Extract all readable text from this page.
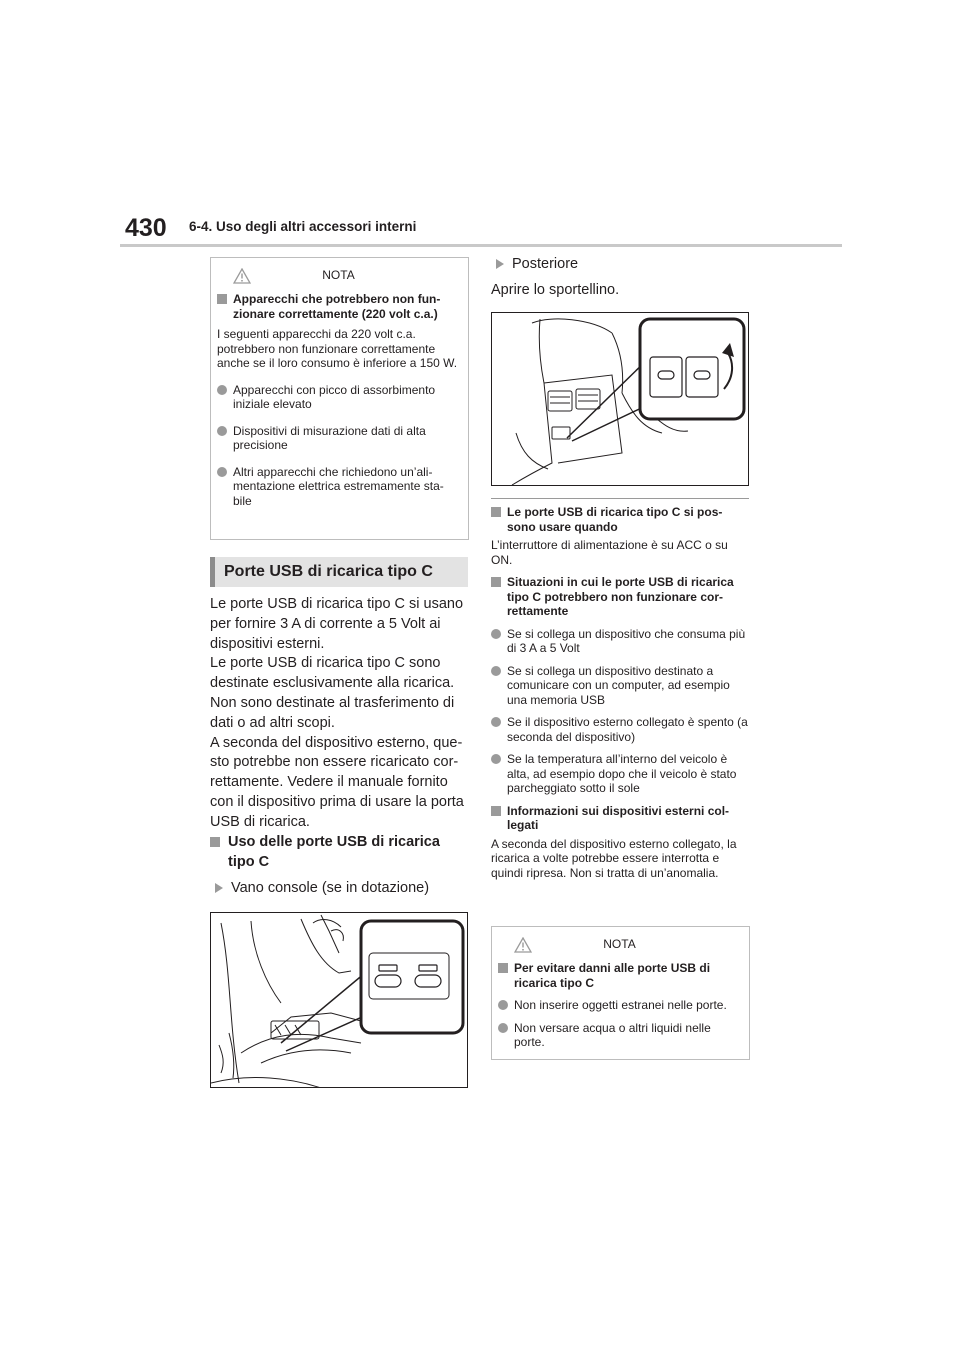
430 6-4. Uso degli altri accessori interni
NOTA
Apparecchi che potrebbero non fun-zionare correttamente (220 volt c.a.)
I seguenti apparecchi da 220 volt c.a. potrebbero non funzionare correttamente anche se il loro consumo è inferiore a 150 W.
Apparecchi con picco di assorbimento iniziale elevato
Dispositivi di misurazione dati di alta precisione
Altri apparecchi che richiedono un’ali-mentazione elettrica estremamente sta-bile
Porte USB di ricarica tipo C
Le porte USB di ricarica tipo C si usano per fornire 3 A di corrente a 5 Volt ai dispositivi esterni.
Le porte USB di ricarica tipo C sono destinate esclusivamente alla ricarica. Non sono destinate al trasferimento di dati o ad altri scopi.
A seconda del dispositivo esterno, que-sto potrebbe non essere ricaricato cor-rettamente. Vedere il manuale fornito con il dispositivo prima di usare la porta USB di ricarica.
Uso delle porte USB di ricarica tipo C
Vano console (se in dotazione)
Posteriore
Aprire lo sportellino.
Le porte USB di ricarica tipo C si pos-sono usare quando
L’interruttore di alimentazione è su ACC o su ON.
Situazioni in cui le porte USB di ricarica tipo C potrebbero non funzionare cor-rettamente
Se si collega un dispositivo che consuma più di 3 A a 5 Volt
Se si collega un dispositivo destinato a comunicare con un computer, ad esempio una memoria USB
Se il dispositivo esterno collegato è spento (a seconda del dispositivo)
Se la temperatura all’interno del veicolo è alta, ad esempio dopo che il veicolo è stato parcheggiato sotto il sole
Informazioni sui dispositivi esterni col-legati
A seconda del dispositivo esterno collegato, la ricarica a volte potrebbe essere interrotta e quindi ripresa. Non si tratta di un’anomalia.
NOTA
Per evitare danni alle porte USB di ricarica tipo C
Non inserire oggetti estranei nelle porte.
Non versare acqua o altri liquidi nelle porte.
